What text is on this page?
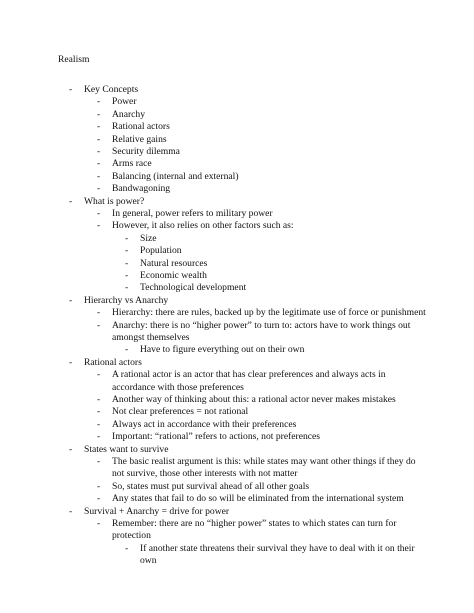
Realism
- Key Concepts
- Power
- Anarchy
- Rational actors
- Relative gains
- Security dilemma
- Arms race
- Balancing (internal and external)
- Bandwagoning
- What is power?
- In general, power refers to military power
- However, it also relies on other factors such as:
- Size
- Population
- Natural resources
- Economic wealth
- Technological development
- Hierarchy vs Anarchy
- Hierarchy: there are rules, backed up by the legitimate use of force or punishment
- Anarchy: there is no “higher power” to turn to: actors have to work things out
amongst themselves
- Have to figure everything out on their own
- Rational actors
- A rational actor is an actor that has clear preferences and always acts in
accordance with those preferences
- Another way of thinking about this: a rational actor never makes mistakes
- Not clear preferences = not rational
- Always act in accordance with their preferences
- Important: “rational” refers to actions, not preferences
- States want to survive
- The basic realist argument is this: while states may want other things if they do
not survive, those other interests with not matter
- So, states must put survival ahead of all other goals
- Any states that fail to do so will be eliminated from the international system
- Survival + Anarchy = drive for power
- Remember: there are no “higher power” states to which states can turn for
protection
- If another state threatens their survival they have to deal with it on their
own
